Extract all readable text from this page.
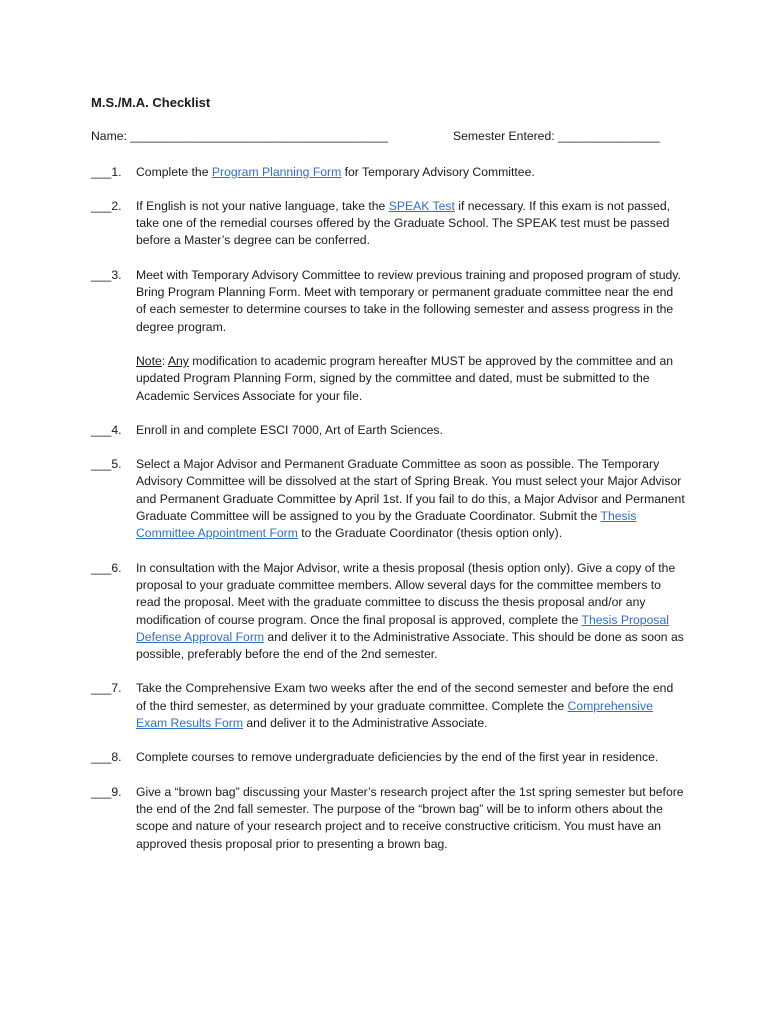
M.S./M.A. Checklist
Name: ______________________________________	Semester Entered: _______________
___1.	Complete the Program Planning Form for Temporary Advisory Committee.

___2.	If English is not your native language, take the SPEAK Test if necessary. If this exam is not passed, take one of the remedial courses offered by the Graduate School. The SPEAK test must be passed before a Master’s degree can be conferred.

___3.	Meet with Temporary Advisory Committee to review previous training and proposed program of study. Bring Program Planning Form. Meet with temporary or permanent graduate committee near the end of each semester to determine courses to take in the following semester and assess progress in the degree program.

Note: Any modification to academic program hereafter MUST be approved by the committee and an updated Program Planning Form, signed by the committee and dated, must be submitted to the Academic Services Associate for your file.

___4.	Enroll in and complete ESCI 7000, Art of Earth Sciences.

___5.	Select a Major Advisor and Permanent Graduate Committee as soon as possible. The Temporary Advisory Committee will be dissolved at the start of Spring Break. You must select your Major Advisor and Permanent Graduate Committee by April 1st. If you fail to do this, a Major Advisor and Permanent Graduate Committee will be assigned to you by the Graduate Coordinator. Submit the Thesis Committee Appointment Form to the Graduate Coordinator (thesis option only).

___6.	In consultation with the Major Advisor, write a thesis proposal (thesis option only). Give a copy of the proposal to your graduate committee members. Allow several days for the committee members to read the proposal. Meet with the graduate committee to discuss the thesis proposal and/or any modification of course program. Once the final proposal is approved, complete the Thesis Proposal Defense Approval Form and deliver it to the Administrative Associate. This should be done as soon as possible, preferably before the end of the 2nd semester.

___7.	Take the Comprehensive Exam two weeks after the end of the second semester and before the end of the third semester, as determined by your graduate committee. Complete the Comprehensive Exam Results Form and deliver it to the Administrative Associate.

___8.	Complete courses to remove undergraduate deficiencies by the end of the first year in residence.

___9.	Give a “brown bag” discussing your Master’s research project after the 1st spring semester but before the end of the 2nd fall semester. The purpose of the “brown bag” will be to inform others about the scope and nature of your research project and to receive constructive criticism. You must have an approved thesis proposal prior to presenting a brown bag.
